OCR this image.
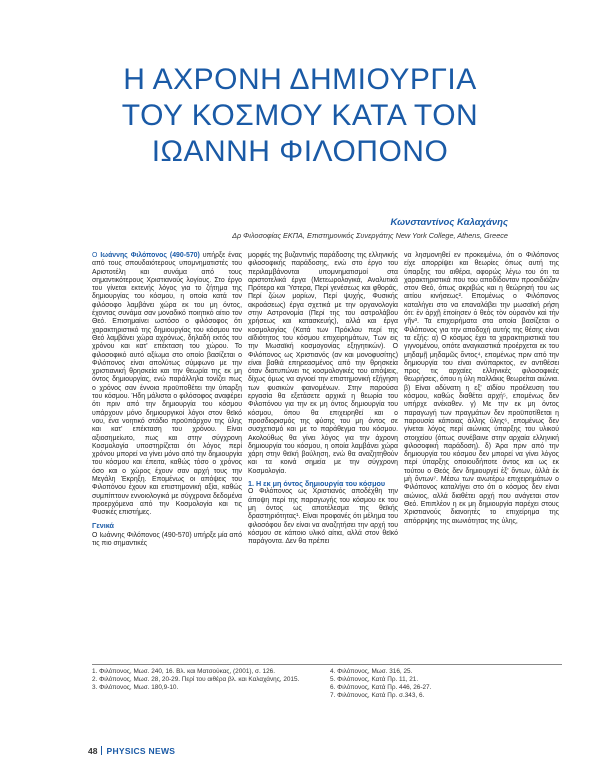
Η ΑΧΡΟΝΗ ΔΗΜΙΟΥΡΓΙΑ
ΤΟΥ ΚΟΣΜΟΥ ΚΑΤΑ ΤΟΝ
ΙΩΑΝΝΗ ΦΙΛΟΠΟΝΟ
Κωνσταντίνος Καλαχάνης
Δρ Φιλοσοφίας ΕΚΠΑ, Επιστημονικός Συνεργάτης New York College, Athens, Greece

Ο Ιωάννης Φιλόπονος (490-570) υπήρξε ένας από τους σπουδαιότερους υπομνηματιστές του Αριστοτέλη και συνάμα από τους σημαντικότερους Χριστιανούς λογίους. Στο έργο του γίνεται εκτενής λόγος για το ζήτημα της δημιουργίας του κόσμου, η οποία κατά τον φιλόσοφο λαμβάνει χώρα εκ του μη όντος, έχοντας συνάμα σαν μοναδικό ποιητικό αίτιο τον Θεό. Επισημαίνει ωστόσο ο φιλόσοφος ότι χαρακτηριστικό της δημιουργίας του κόσμου τον Θεό λαμβάνει χώρα αχρόνως, δηλαδή εκτός του χρόνου και κατ' επέκταση του χώρου. Το φιλοσοφικό αυτό αξίωμα στο οποίο βασίζεται ο Φιλόπονος είναι απολύτως σύμφωνο με την χριστιανική θρησκεία και την θεωρία της εκ μη όντος δημιουργίας, ενώ παράλληλα τονίζει πως ο χρόνος σαν έννοια προϋποθέτει την ύπαρξη του κόσμου. Ήδη μάλιστα ο φιλόσοφος αναφέρει ότι πριν από την δημιουργία του κόσμου υπάρχουν μόνο δημιουργικοί λόγοι στον θεϊκό νου, ένα νοητικό στάδιο προϋπάρχον της ύλης και κατ' επέκταση του χρόνου. Είναι αξιοσημείωτο, πως και στην σύγχρονη Κοσμολογία υποστηρίζεται ότι λόγος περί χρόνου μπορεί να γίνει μόνο από την δημιουργία του κόσμου και έπειτα, καθώς τόσο ο χρόνος όσο και ο χώρος έχουν σαν αρχή τους την Μεγάλη Έκρηξη. Επομένως οι απόψεις του Φιλοπόνου έχουν και επιστημονική αξία, καθώς συμπίπτουν εννοιολογικά με σύγχρονα δεδομένα προερχόμενα από την Κοσμολογία και τις Φυσικές επιστήμες.

Γενικά

Ο Ιωάννης Φιλόπονος (490-570) υπήρξε μία από τις πιο σημαντικές

μορφές της βυζαντινής παράδοσης της ελληνικής φιλοσοφικής παράδοσης, ενώ στο έργο του περιλαμβάνονται υπομνηματισμοί στα αριστοτελικά έργα (Μετεωρολογικά, Αναλυτικά Πρότερα και Ύστερα, Περί γενέσεως και φθοράς, Περί ζώων μορίων, Περί ψυχής, Φυσικής ακροάσεως) έργα σχετικά με την οργανολογία στην Αστρονομία (Περί της του αστρολάβου χρήσεως και κατασκευής), αλλά και έργα κοσμολογίας (Κατά των Πρόκλου περί της αϊδιότητος του κόσμου επιχειρημάτων, Των εις την Μωσαϊκή κοσμογονίας εξηγητικών). Ο Φιλόπονος ως Χριστιανός (αν και μονοφυσίτης) είναι βαθιά επηρεασμένος από την θρησκεία όταν διατυπώνει τις κοσμολογικές του απόψεις, δίχως όμως να αγνοεί την επιστημονική εξήγηση των φυσικών φαινομένων. Στην παρούσα εργασία θα εξετάσετε αρχικά η θεωρία του Φιλοπόνου για την εκ μη όντος δημιουργία του κόσμου, όπου θα επιχειρηθεί και ο προσδιορισμός της φύσης του μη όντος σε συσχετισμό και με το παράθεγμα του κόσμου. Ακολούθως θα γίνει λόγος για την άχρονη δημιουργία του κόσμου, η οποία λαμβάνει χώρα χάρη στην θεϊκή βούληση, ενώ θα αναζητηθούν και τα κοινά σημεία με την σύγχρονη Κοσμολογία.

1. Η εκ μη όντος δημιουργία του κόσμου

Ο Φιλόπονος ως Χριστιανός αποδέχθη την άποψη περί της παραγωγής του κόσμου εκ του μη όντος ως αποτέλεσμα της θεϊκής δραστηριότητας¹. Είναι προφανές ότι μέλημα του φιλοσόφου δεν είναι να αναζητήσει την αρχή του κόσμου σε κάποιο υλικό αίτια, αλλά στον θεϊκό παράγοντα. Δεν θα πρέπει

να λησμονηθεί εν προκειμένω, ότι ο Φιλόπονος είχε απορρίψει και θεωρίες όπως αυτή της ύπαρξης του αιθέρα, αφορώς λέγω του ότι τα χαρακτηριστικά που του αποδίδονταν προσιδιάζαν στον Θεό, όπως ακριβώς και η θεώρησή του ως αιτίου κινήσεως². Επομένως ο Φιλόπονος καταλήγει στο να επαναλάβει την μωσαϊκή ρήση ότι: ἐν ἀρχῇ ἐποίησεν ὁ θεὸς τὸν οὐρανὸν καὶ τὴν γῆν³. Τα επιχειρήματα στα οποία βασίζεται ο Φιλόπονος για την αποδοχή αυτής της θέσης είναι τα εξής: α) Ο κόσμος έχει τα χαρακτηριστικά του γιγνομένου, οπότε αναγκαστικά προέρχεται εκ του μηδαμῇ μηδαμῶς ὄντος⁴, επομένως πριν από την δημιουργία του είναι ανύπαρκτος, εν αντιθέσει προς τις αρχαίες ελληνικές φιλοσοφικές θεωρήσεις, όπου η ύλη παλλάκις θεωρείται αιώνια. β) Είναι αδύνατη η εξ' αϊδίου προέλευση του κόσμου, καθώς διαθέτει αρχή⁵, επομένως δεν υπήρχε ανέκαθεν. γ) Με την εκ μη όντος παραγωγή των πραγμάτων δεν προϋποτίθεται η παρουσία κάποιας άλλης ύλης⁶, επομένως δεν γίνεται λόγος περί αιώνιας ύπαρξης του υλικού στοιχείου (όπως συνέβαινε στην αρχαία ελληνική φιλοσοφική παράδοση). δ) Άρα πριν από την δημιουργία του κόσμου δεν μπορεί να γίνει λόγος περί ύπαρξης οποιουδήποτε όντος και ως εκ τούτου ο Θεός δεν δημιουργεί ἐξ' ὄντων, ἀλλὰ ἐκ μὴ ὄντων⁷. Μέσω των ανωτέρω επιχειρημάτων ο Φιλόπονος καταλήγει στο ότι ο κόσμος δεν είναι αιώνιος, αλλά διαθέτει αρχή που ανάγεται στον Θεό. Επιπλέον η εκ μη δημιουργία παρέχει στους Χριστιανούς διανοητές το επιχείρημα της απόρριψης της αιωνιότητας της ύλης,

1. Φιλόπονος, Μωσ. 240, 16. Βλ. και Ματσούκας, (2001), σ. 126.
2. Φιλόπονος, Μωσ. 28, 20-29. Περί του αιθέρα βλ. και Καλαχάνης, 2015.
3. Φιλόπονος, Μωσ. 180,9-10.
4. Φιλόπονος, Μωσ. 316, 25.
5. Φιλόπονος, Κατά Πρ. 11, 21.
6. Φιλόπονος, Κατά Πρ. 446, 26-27.
7. Φιλόπονος, Κατά Πρ. σ.343, 6.
48 PHYSICS NEWS
